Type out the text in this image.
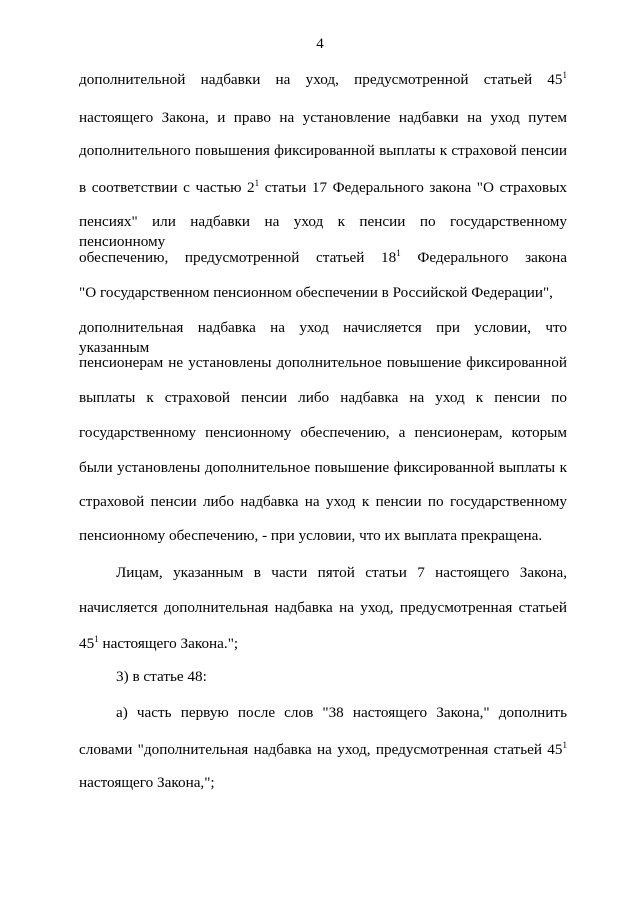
4
дополнительной надбавки на уход, предусмотренной статьей $45^1$
настоящего Закона, и право на установление надбавки на уход путем
дополнительного повышения фиксированной выплаты к страховой пенсии
в соответствии с частью $2^1$ статьи 17 Федерального закона "О страховых
пенсиях" или надбавки на уход к пенсии по государственному пенсионному
обеспечению, предусмотренной статьей $18^1$ Федерального закона
"О государственном пенсионном обеспечении в Российской Федерации",
дополнительная надбавка на уход начисляется при условии, что указанным
пенсионерам не установлены дополнительное повышение фиксированной
выплаты к страховой пенсии либо надбавка на уход к пенсии по
государственному пенсионному обеспечению, а пенсионерам, которым
были установлены дополнительное повышение фиксированной выплаты к
страховой пенсии либо надбавка на уход к пенсии по государственному
пенсионному обеспечению, - при условии, что их выплата прекращена.
Лицам, указанным в части пятой статьи 7 настоящего Закона,
начисляется дополнительная надбавка на уход, предусмотренная статьей
$45^1$ настоящего Закона.";
3) в статье 48:
а) часть первую после слов "38 настоящего Закона," дополнить
словами "дополнительная надбавка на уход, предусмотренная статьей $45^1$
настоящего Закона,";
